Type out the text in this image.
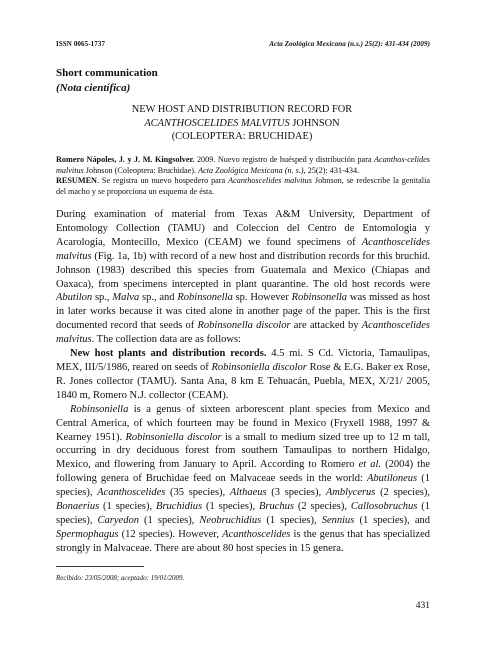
ISSN 0065-1737	Acta Zoológica Mexicana (n.s.) 25(2): 431-434 (2009)
Short communication
(Nota científica)
NEW HOST AND DISTRIBUTION RECORD FOR
ACANTHOSCELIDES MALVITUS JOHNSON
(COLEOPTERA: BRUCHIDAE)
Romero Nápoles, J. y J. M. Kingsolver. 2009. Nuevo registro de huésped y distribución para Acanthos-celides malvitus Johnson (Coleoptera: Bruchidae). Acta Zoológica Mexicana (n. s.), 25(2): 431-434.
RESUMEN. Se registra un nuevo hospedero para Acanthoscelides malvitus Johnson, se redescribe la genitalia del macho y se proporciona un esquema de ésta.

During examination of material from Texas A&M University, Department of Entomology Collection (TAMU) and Coleccion del Centro de Entomologia y Acarologia, Montecillo, Mexico (CEAM) we found specimens of Acanthoscelides malvitus (Fig. 1a, 1b) with record of a new host and distribution records for this bruchid. Johnson (1983) described this species from Guatemala and Mexico (Chiapas and Oaxaca), from specimens intercepted in plant quarantine. The old host records were Abutilon sp., Malva sp., and Robinsonella sp. However Robinsonella was missed as host in later works because it was cited alone in another page of the paper. This is the first documented record that seeds of Robinsonella discolor are attacked by Acanthoscelides malvitus. The collection data are as follows:

New host plants and distribution records. 4.5 mi. S Cd. Victoria, Tamaulipas, MEX, III/5/1986, reared on seeds of Robinsoniella discolor Rose & E.G. Baker ex Rose, R. Jones collector (TAMU). Santa Ana, 8 km E Tehuacán, Puebla, MEX, X/21/ 2005, 1840 m, Romero N.J. collector (CEAM).

Robinsoniella is a genus of sixteen arborescent plant species from Mexico and Central America, of which fourteen may be found in Mexico (Fryxell 1988, 1997 & Kearney 1951). Robinsoniella discolor is a small to medium sized tree up to 12 m tall, occurring in dry deciduous forest from southern Tamaulipas to northern Hidalgo, Mexico, and flowering from January to April. According to Romero et al. (2004) the following genera of Bruchidae feed on Malvaceae seeds in the world: Abutiloneus (1 species), Acanthoscelides (35 species), Althaeus (3 species), Amblycerus (2 species), Bonaerius (1 species), Bruchidius (1 species), Bruchus (2 species), Callosobruchus (1 species), Caryedon (1 species), Neobruchidius (1 species), Sennius (1 species), and Spermophagus (12 species). However, Acanthoscelides is the genus that has specialized strongly in Malvaceae. There are about 80 host species in 15 genera.

Recibido: 23/05/2008; aceptado: 19/01/2009.
431
